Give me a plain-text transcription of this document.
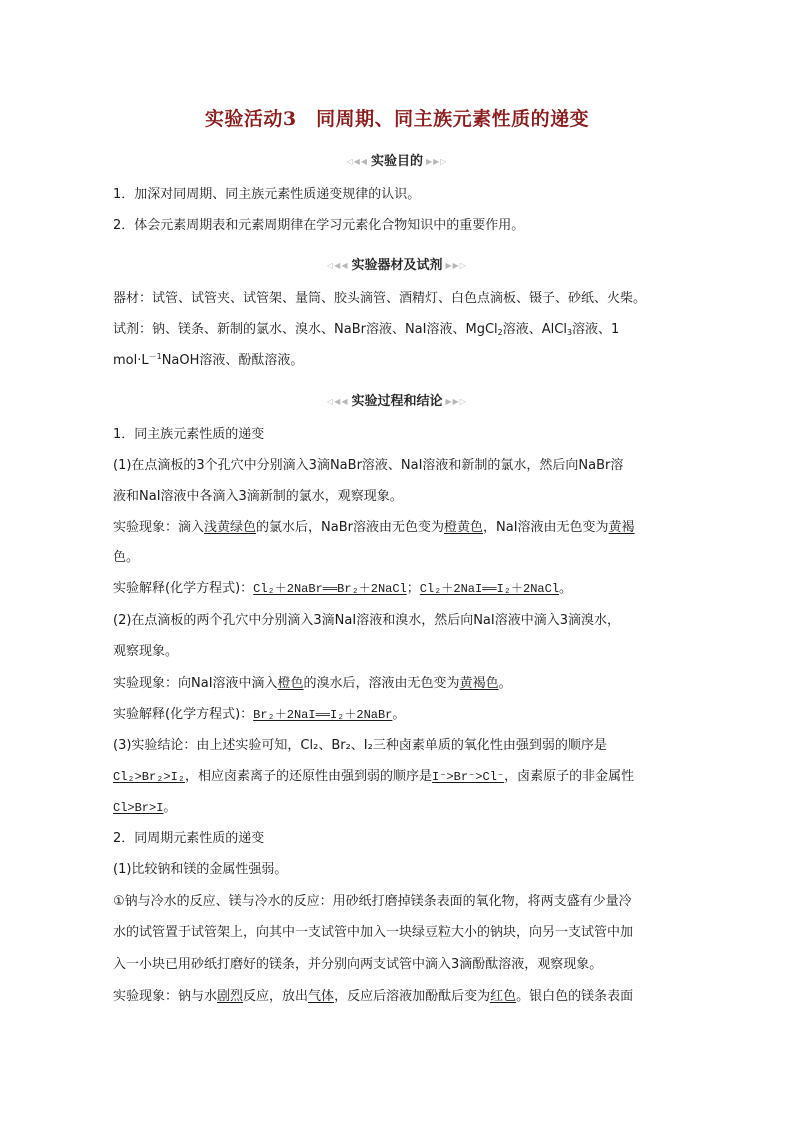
实验活动3　同周期、同主族元素性质的递变
◁◀◀ 实验目的 ▶▶▷
1．加深对同周期、同主族元素性质递变规律的认识。
2．体会元素周期表和元素周期律在学习元素化合物知识中的重要作用。
◁◀◀ 实验器材及试剂 ▶▶▷
器材：试管、试管夹、试管架、量筒、胶头滴管、酒精灯、白色点滴板、镊子、砂纸、火柴。
试剂：钠、镁条、新制的氯水、溴水、NaBr溶液、NaI溶液、MgCl$_2$溶液、AlCl$_3$溶液、1
$mol\cdot L^{-1}NaOH$溶液、酚酞溶液。
◁◀◀ 实验过程和结论 ▶▶▷
1．同主族元素性质的递变
(1)在点滴板的3个孔穴中分别滴入3滴NaBr溶液、NaI溶液和新制的氯水，然后向NaBr溶
液和NaI溶液中各滴入3滴新制的氯水，观察现象。
实验现象：滴入浅黄绿色的氯水后，NaBr溶液由无色变为橙黄色，NaI溶液由无色变为黄褐
色。
实验解释(化学方程式)：Cl₂＋2NaBr══Br₂＋2NaCl；Cl₂＋2NaI══I₂＋2NaCl。
(2)在点滴板的两个孔穴中分别滴入3滴NaI溶液和溴水，然后向NaI溶液中滴入3滴溴水，
观察现象。
实验现象：向NaI溶液中滴入橙色的溴水后，溶液由无色变为黄褐色。
实验解释(化学方程式)：Br₂＋2NaI══I₂＋2NaBr。
(3)实验结论：由上述实验可知，Cl₂、Br₂、I₂三种卤素单质的氧化性由强到弱的顺序是
Cl₂>Br₂>I₂，相应卤素离子的还原性由强到弱的顺序是I⁻>Br⁻>Cl⁻，卤素原子的非金属性
Cl>Br>I。
2．同周期元素性质的递变
(1)比较钠和镁的金属性强弱。
①钠与冷水的反应、镁与冷水的反应：用砂纸打磨掉镁条表面的氧化物，将两支盛有少量冷
水的试管置于试管架上，向其中一支试管中加入一块绿豆粒大小的钠块，向另一支试管中加
入一小块已用砂纸打磨好的镁条，并分别向两支试管中滴入3滴酚酞溶液，观察现象。
实验现象：钠与水剧烈反应，放出气体，反应后溶液加酚酞后变为红色。银白色的镁条表面
